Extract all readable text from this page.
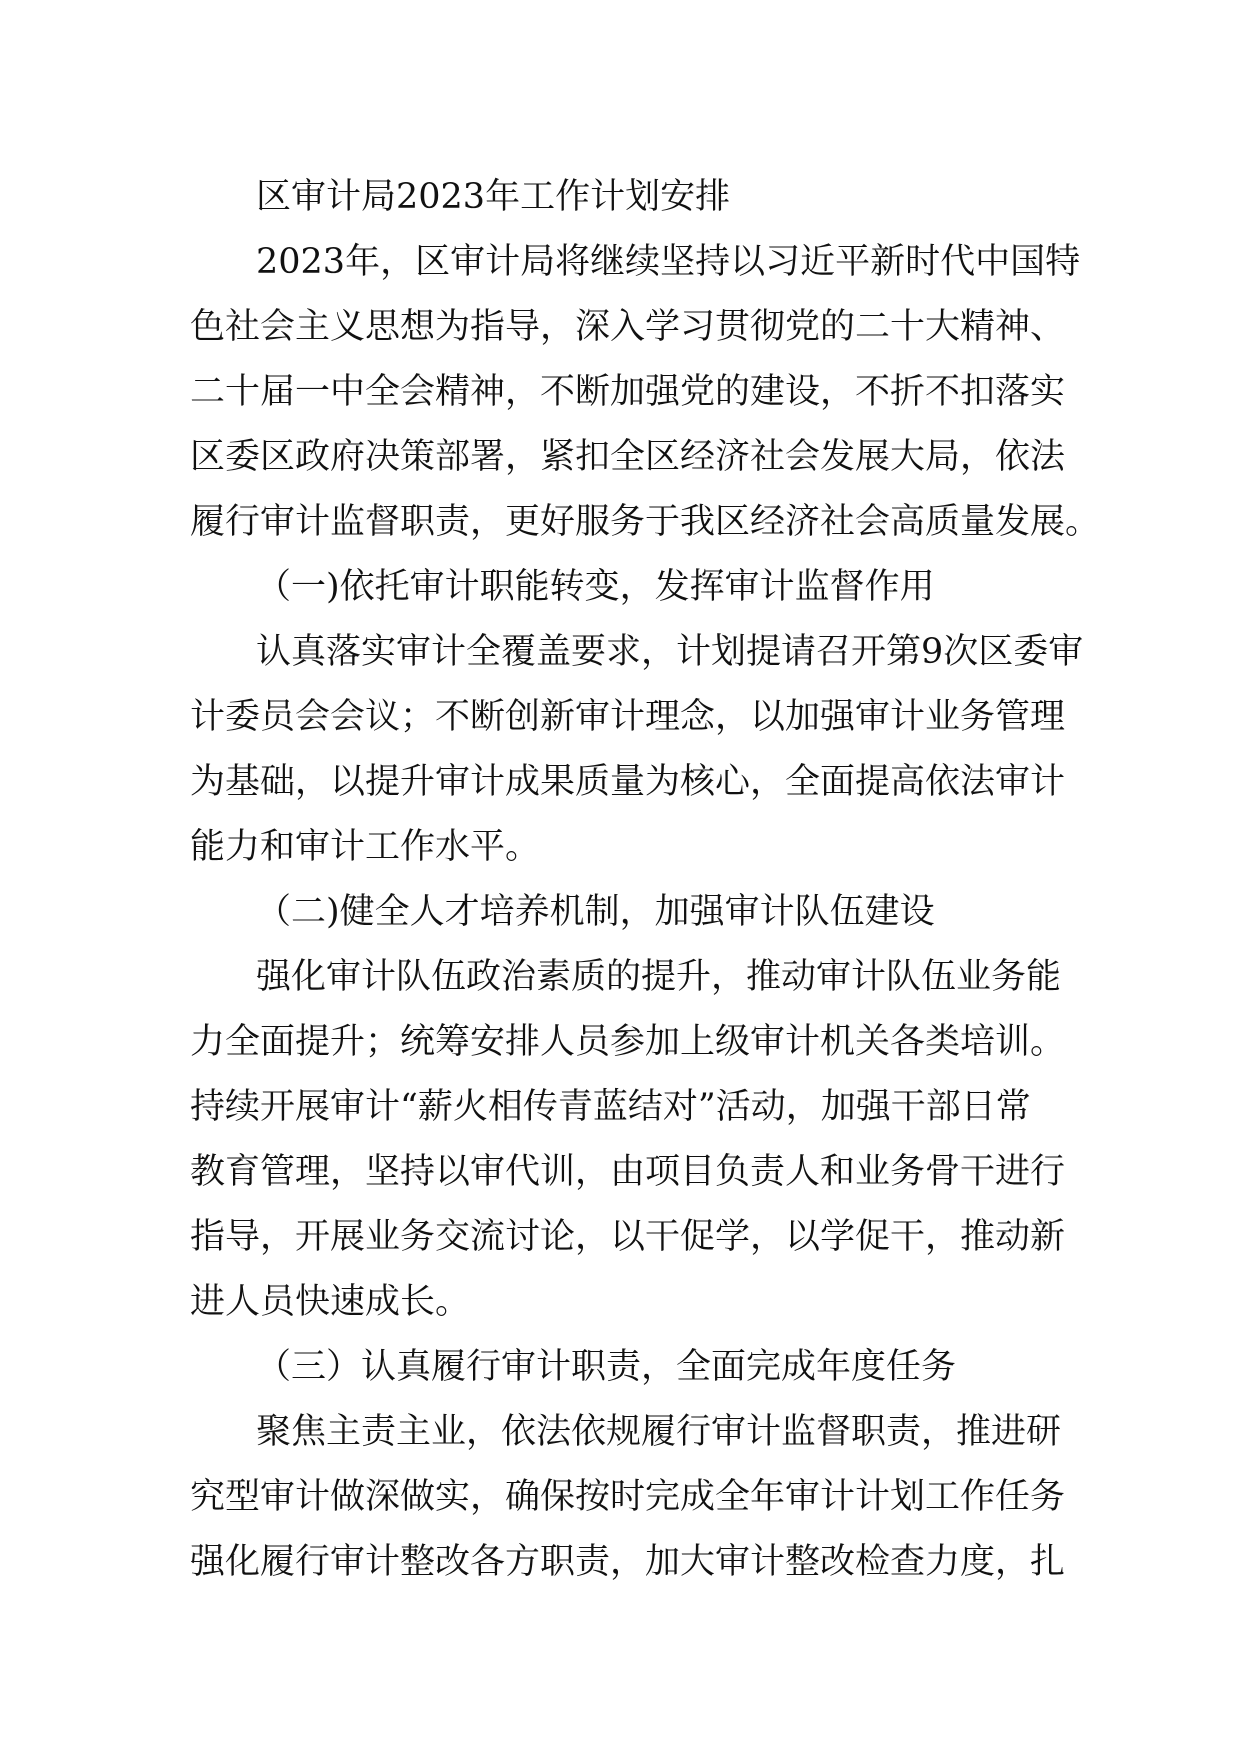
区审计局2023年工作计划安排
2023年，区审计局将继续坚持以习近平新时代中国特
色社会主义思想为指导，深入学习贯彻党的二十大精神、
二十届一中全会精神，不断加强党的建设，不折不扣落实
区委区政府决策部署，紧扣全区经济社会发展大局，依法
履行审计监督职责，更好服务于我区经济社会高质量发展。
（一)依托审计职能转变，发挥审计监督作用
认真落实审计全覆盖要求，计划提请召开第9次区委审
计委员会会议；不断创新审计理念，以加强审计业务管理
为基础，以提升审计成果质量为核心，全面提高依法审计
能力和审计工作水平。
（二)健全人才培养机制，加强审计队伍建设
强化审计队伍政治素质的提升，推动审计队伍业务能
力全面提升；统筹安排人员参加上级审计机关各类培训。
持续开展审计“薪火相传青蓝结对”活动，加强干部日常
教育管理，坚持以审代训，由项目负责人和业务骨干进行
指导，开展业务交流讨论，以干促学，以学促干，推动新
进人员快速成长。
（三）认真履行审计职责，全面完成年度任务
聚焦主责主业，依法依规履行审计监督职责，推进研
究型审计做深做实，确保按时完成全年审计计划工作任务
强化履行审计整改各方职责，加大审计整改检查力度，扎
